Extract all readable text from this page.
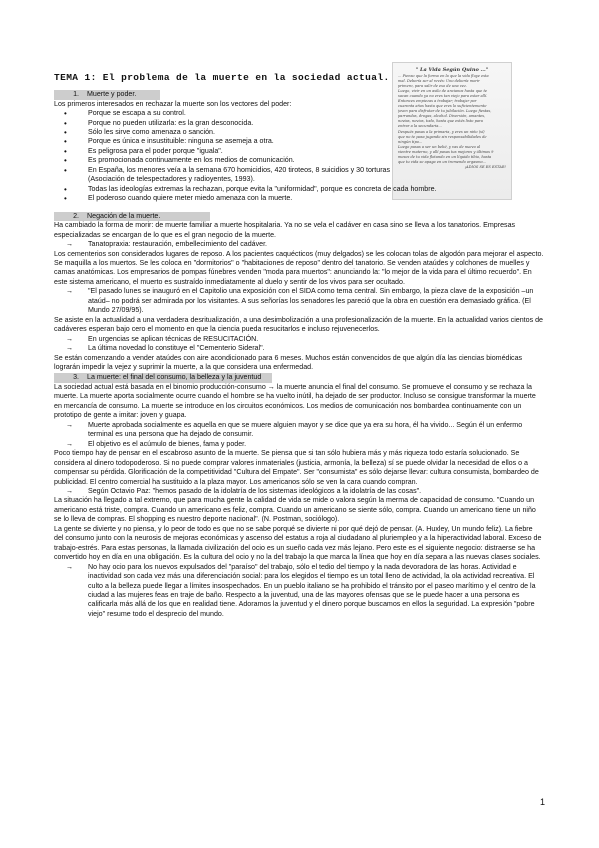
TEMA 1: El problema de la muerte en la sociedad actual.
" La Vida Según Quino ..."
... Pienso que la forma en la que la vida fluye esta
mal. Debería ser al revés: Uno debería morir
primero, para salir de eso de una vez.
Luego, vivir en un asilo de ancianos hasta que te
sacan cuando ya no eres tan viejo para estar allí.
Entonces empiezas a trabajar; trabajar por
cuarenta años hasta que eres lo suficientemente
joven para disfrutar de tu jubilación. Luego fiestas,
parrandas, drogas, alcohol. Diversión, amantes,
novias, novios, todo, hasta que estés listo para
entrar a la secundaria...
Después pasas a la primaria, y eres un niño (sí)
que no te pasa jugando sin responsabilidades de
ningún tipo...
Luego pasas a ser un bebé, y vas de nuevo al
vientre materno, y allí pasas tus mejores y últimos 9
meses de tu vida flotando en un líquido tibio, hasta
que tu vida se apaga en un tremendo orgasmo...
¡ADIÓS SE ES ESTAR!
1. Muerte y poder.

Los primeros interesados en rechazar la muerte son los vectores del poder:

• Porque se escapa a su control.
• Porque no pueden utilizarla: es la gran desconocida.
• Sólo les sirve como amenaza o sanción.
• Porque es única e insustituible: ninguna se asemeja a otra.
• Es peligrosa para el poder porque "iguala".
• Es promocionada continuamente en los medios de comunicación.
• En España, los menores veía a la semana 670 homicidios, 420 tiroteos, 8 suicidios y 30 torturas (Asociación de telespectadores y radioyentes, 1993).
• Todas las ideologías extremas la rechazan, porque evita la "uniformidad", porque es concreta de cada hombre.
• El poderoso cuando quiere meter miedo amenaza con la muerte.
2. Negación de la muerte.

Ha cambiado la forma de morir: de muerte familiar a muerte hospitalaria. Ya no se vela el cadáver en casa sino se lleva a los tanatorios. Empresas especializadas se encargan de lo que es el gran negocio de la muerte.

→	Tanatopraxia: restauración, embellecimiento del cadáver.

Los cementerios son considerados lugares de reposo. A los pacientes caquécticos (muy delgados) se les colocan tolas de algodón para mejorar el aspecto. Se maquilla a los muertos. Se les coloca en "dormitorios" o "habitaciones de reposo" dentro del tanatorio. Se venden ataúdes y colchones de muelles y camas anatómicas. Los empresarios de pompas fúnebres venden "moda para muertos": anunciando la: "lo mejor de la vida para el último recuerdo". En este sistema americano, el muerto es sustraído inmediatamente al duelo y sentir de los vivos para ser ocultado.

→	"El pasado lunes se inauguró en el Capitolio una exposición con el SIDA como tema central. Sin embargo, la pieza clave de la exposición –un ataúd– no podrá ser admirada por los visitantes. A sus señorías los senadores les pareció que la obra en cuestión era demasiado gráfica. (El Mundo 27/09/95).

Se asiste en la actualidad a una verdadera desritualización, a una desimbolización a una profesionalización de la muerte. En la actualidad varios cientos de cadáveres esperan bajo cero el momento en que la ciencia pueda resucitarlos e incluso rejuvenecerlos.

→	En urgencias se aplican técnicas de RESUCITACIÓN.
→	La última novedad lo constituye el "Cementerio Sideral".

Se están comenzando a vender ataúdes con aire acondicionado para 6 meses. Muchos están convencidos de que algún día las ciencias biomédicas lograrán impedir la vejez y suprimir la muerte, a la que considera una enfermedad.

3. La muerte: el final del consumo, la belleza y la juventud

La sociedad actual está basada en el binomio producción-consumo → la muerte anuncia el final del consumo. Se promueve el consumo y se rechaza la muerte. La muerte aporta socialmente ocurre cuando el hombre se ha vuelto inútil, ha dejado de ser productor. Incluso se consigue transformar la muerte en mercancía de consumo. La muerte se introduce en los circuitos económicos. Los medios de comunicación nos bombardea continuamente con un prototipo de gente a imitar: joven y guapa.

→	Muerte aprobada socialmente es aquella en que se muere alguien mayor y se dice que ya era su hora, él ha vivido... Según él un enfermo terminal es una persona que ha dejado de consumir.
→	El objetivo es el acúmulo de bienes, fama y poder.

Poco tiempo hay de pensar en el escabroso asunto de la muerte. Se piensa que si tan sólo hubiera más y más riqueza todo estaría solucionado. Se considera al dinero todopoderoso. Si no puede comprar valores inmateriales (justicia, armonía, la belleza) sí se puede olvidar la necesidad de ellos o a compensar su pérdida. Glorificación de la competitividad "Cultura del Empate". Ser "consumista" es sólo dejarse llevar: cultura consumista, bombardeo de publicidad. El centro comercial ha sustituido a la plaza mayor. Los americanos sólo se ven la cara cuando compran.

→	Según Octavio Paz: "hemos pasado de la idolatría de los sistemas ideológicos a la idolatría de las cosas".

La situación ha llegado a tal extremo, que para mucha gente la calidad de vida se mide o valora según la merma de capacidad de consumo. "Cuando un americano está triste, compra. Cuando un americano es feliz, compra. Cuando un americano se siente sólo, compra. Cuando un americano tiene un niño se lo lleva de compras. El shopping es nuestro deporte nacional". (N. Postman, sociólogo).

La gente se divierte y no piensa, y lo peor de todo es que no se sabe porqué se divierte ni por qué dejó de pensar. (A. Huxley, Un mundo feliz). La fiebre del consumo junto con la neurosis de mejoras económicas y ascenso del estatus a roja al ciudadano al pluriempleo y a la hiperactividad laboral. Exceso de trabajo-estrés. Para estas personas, la llamada civilización del ocio es un sueño cada vez más lejano. Pero este es el siguiente negocio: distraerse se ha convertido hoy en día en una obligación. Es la cultura del ocio y no la del trabajo la que marca la línea que hoy en día separa a las nuevas clases sociales.

→	No hay ocio para los nuevos expulsados del "paraíso" del trabajo, sólo el tedio del tiempo y la nada devoradora de las horas. Actividad e inactividad son cada vez más una diferenciación social: para los elegidos el tiempo es un total lleno de actividad, la ola actividad recreativa. El culto a la belleza puede llegar a límites insospechados. En un pueblo italiano se ha prohibido el tránsito por el paseo marítimo y el centro de la ciudad a las mujeres feas en traje de baño. Respecto a la juventud, una de las mayores ofensas que se le puede hacer a una persona es calificarla más allá de los que en realidad tiene. Adoramos la juventud y el dinero porque buscamos en ellos la seguridad. La expresión "pobre viejo" resume todo el desprecio del mundo.
1
